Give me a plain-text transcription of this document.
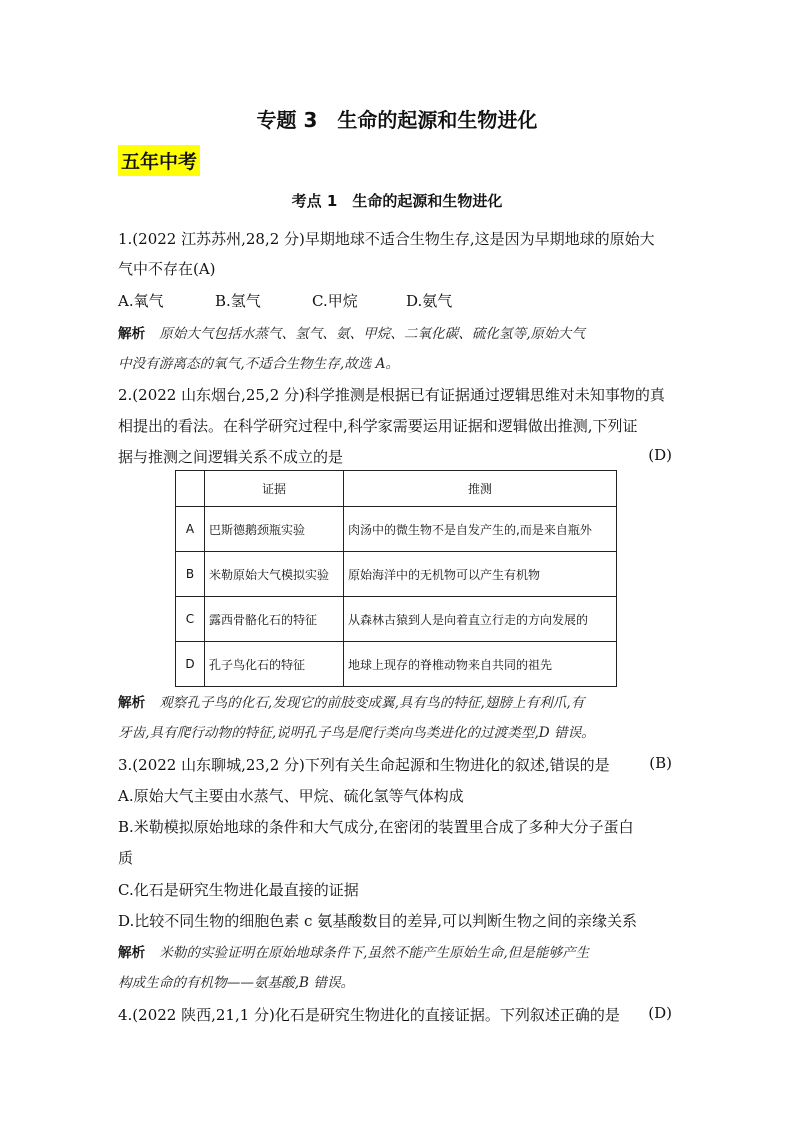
专题 3　生命的起源和生物进化
五年中考
考点 1　生命的起源和生物进化
1.(2022 江苏苏州,28,2 分)早期地球不适合生物生存,这是因为早期地球的原始大
气中不存在(A)
A.氧气	B.氢气	C.甲烷	D.氨气
解析 原始大气包括水蒸气、氢气、氨、甲烷、二氧化碳、硫化氢等,原始大气
中没有游离态的氧气,不适合生物生存,故选 A。
2.(2022 山东烟台,25,2 分)科学推测是根据已有证据通过逻辑思维对未知事物的真
相提出的看法。在科学研究过程中,科学家需要运用证据和逻辑做出推测,下列证
据与推测之间逻辑关系不成立的是	(D)
	证据	推测
A	巴斯德鹅颈瓶实验	肉汤中的微生物不是自发产生的,而是来自瓶外
B	米勒原始大气模拟实验	原始海洋中的无机物可以产生有机物
C	露西骨骼化石的特征	从森林古猿到人是向着直立行走的方向发展的
D	孔子鸟化石的特征	地球上现存的脊椎动物来自共同的祖先
解析 观察孔子鸟的化石,发现它的前肢变成翼,具有鸟的特征,翅膀上有利爪,有
牙齿,具有爬行动物的特征,说明孔子鸟是爬行类向鸟类进化的过渡类型,D 错误。
3.(2022 山东聊城,23,2 分)下列有关生命起源和生物进化的叙述,错误的是	(B)
A.原始大气主要由水蒸气、甲烷、硫化氢等气体构成
B.米勒模拟原始地球的条件和大气成分,在密闭的装置里合成了多种大分子蛋白
质
C.化石是研究生物进化最直接的证据
D.比较不同生物的细胞色素 c 氨基酸数目的差异,可以判断生物之间的亲缘关系
解析 米勒的实验证明在原始地球条件下,虽然不能产生原始生命,但是能够产生
构成生命的有机物——氨基酸,B 错误。
4.(2022 陕西,21,1 分)化石是研究生物进化的直接证据。下列叙述正确的是 (D)
